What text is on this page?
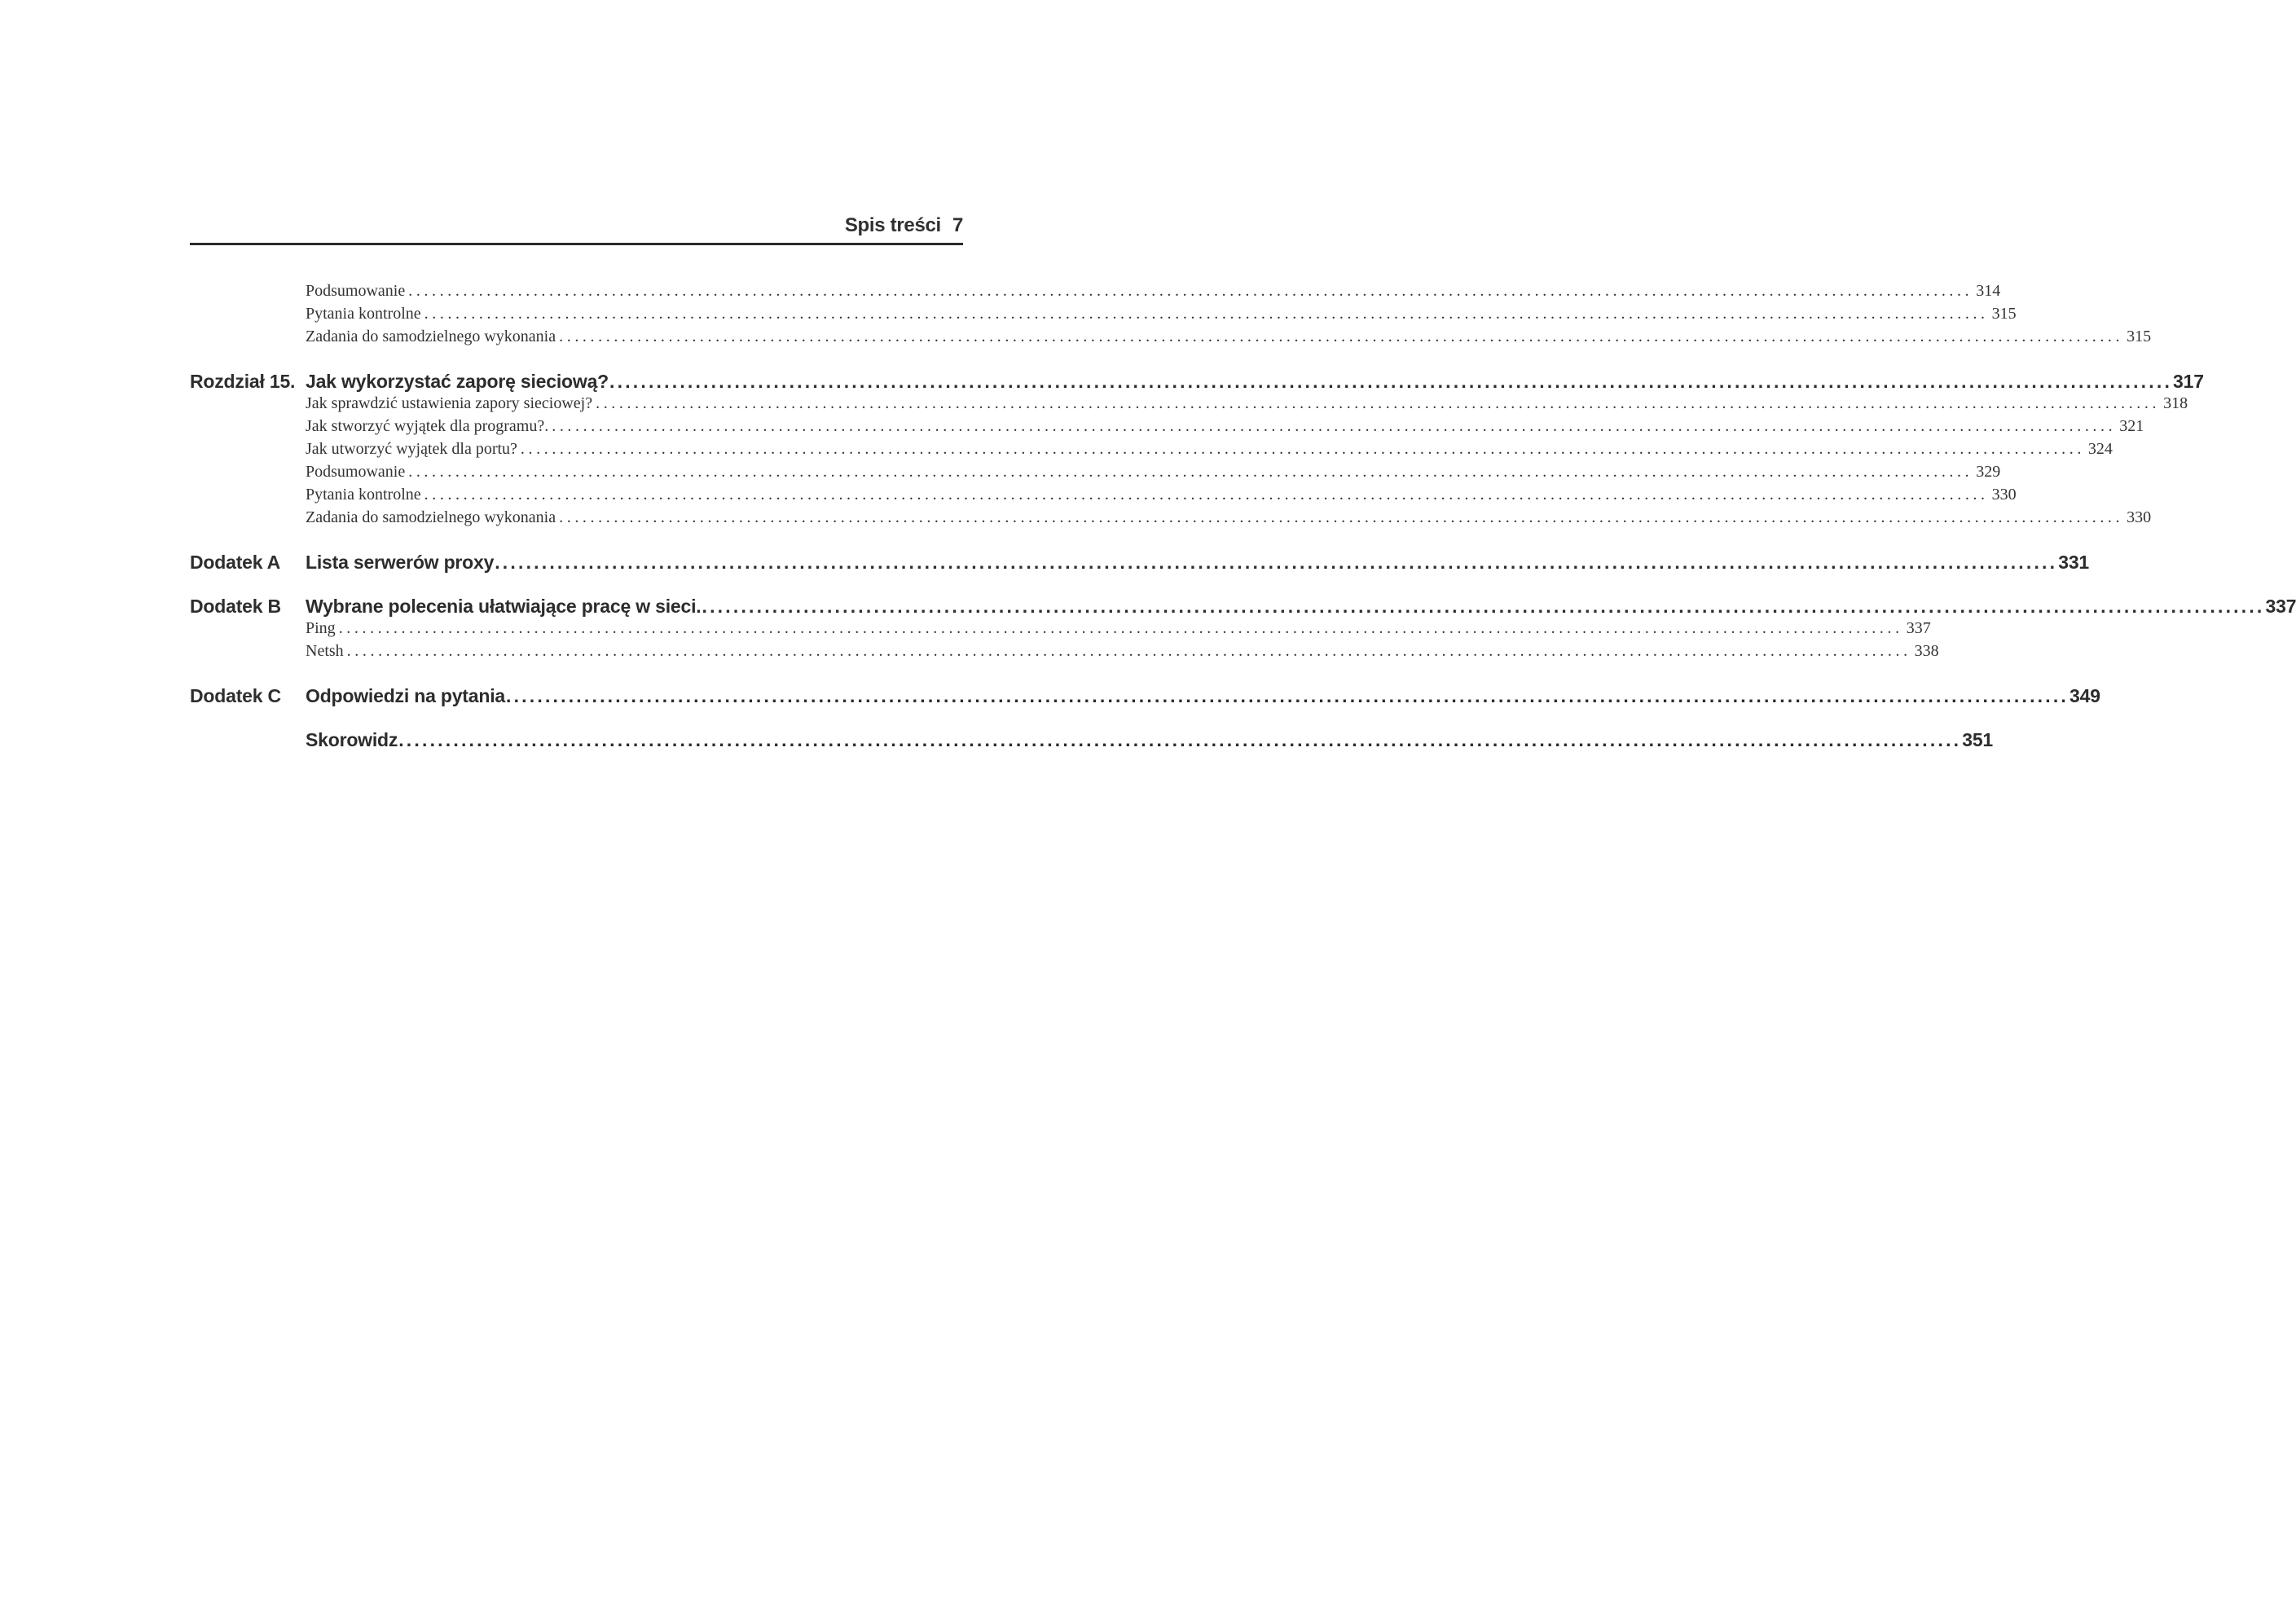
Spis treści 7
Podsumowanie ........................................................................................................................................................................................................ 314
Pytania kontrolne ........................................................................................................................................................................................................ 315
Zadania do samodzielnego wykonania ........................................................................................................................................................................................................ 315
Rozdział 15. Jak wykorzystać zaporę sieciową? ........................................................................................................................................................................................................ 317
Jak sprawdzić ustawienia zapory sieciowej? ........................................................................................................................................................................................................ 318
Jak stworzyć wyjątek dla programu?. ........................................................................................................................................................................................................ 321
Jak utworzyć wyjątek dla portu? ........................................................................................................................................................................................................ 324
Podsumowanie ........................................................................................................................................................................................................ 329
Pytania kontrolne ........................................................................................................................................................................................................ 330
Zadania do samodzielnego wykonania ........................................................................................................................................................................................................ 330
Dodatek A Lista serwerów proxy ........................................................................................................................................................................................................ 331
Dodatek B Wybrane polecenia ułatwiające pracę w sieci. ........................................................................................................................................................................................................ 337
Ping ........................................................................................................................................................................................................ 337
Netsh ........................................................................................................................................................................................................ 338
Dodatek C Odpowiedzi na pytania ........................................................................................................................................................................................................ 349
Skorowidz ........................................................................................................................................................................................................ 351
